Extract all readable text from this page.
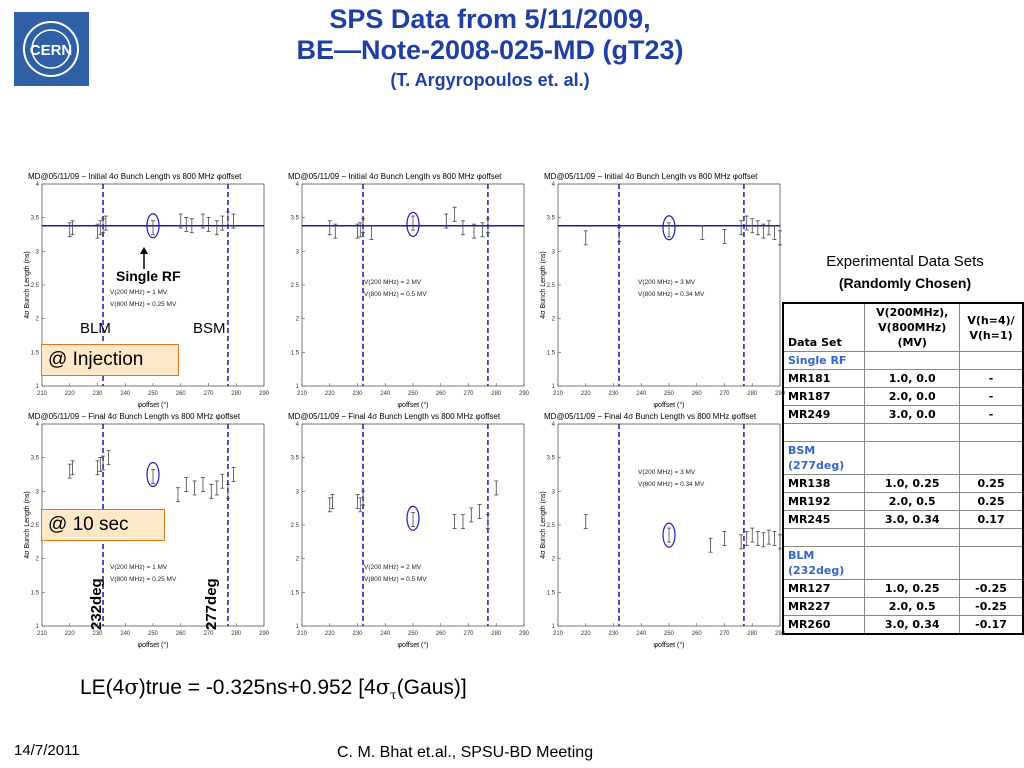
CERN
SPS Data from 5/11/2009,
BE—Note-2008-025-MD (gT23)
(T. Argyropoulos et. al.)
MD@05/11/09 − Initial 4σ Bunch Length vs 800 MHz φoffset
1
1.5
2
2.5
3
3.5
4
210	220	230	240	250	260	270	280	290
φoffset (°)
4σ Bunch Length (ns)	V(200 MHz) = 1 MV
V(800 MHz) = 0.25 MV
MD@05/11/09 − Initial 4σ Bunch Length vs 800 MHz φoffset
1
1.5
2
2.5
3
3.5
4
210	220	230	240	250	260	270	280	290
φoffset (°)
V(200 MHz) = 2 MV
V(800 MHz) = 0.5 MV
MD@05/11/09 − Initial 4σ Bunch Length vs 800 MHz φoffset
1
1.5
2
2.5
3
3.5
4
210	220	230	240	250	260	270	280	290
φoffset (°)
4σ Bunch Length (ns)	V(200 MHz) = 3 MV
V(800 MHz) = 0.34 MV
MD@05/11/09 − Final 4σ Bunch Length vs 800 MHz φoffset
1
1.5
2
2.5
3
3.5
4
210	220	230	240	250	260	270	280	290
φoffset (°)
4σ Bunch Length (ns)
V(200 MHz) = 1 MV
V(800 MHz) = 0.25 MV
MD@05/11/09 − Final 4σ Bunch Length vs 800 MHz φoffset
1
1.5
2
2.5
3
3.5
4
210	220	230	240	250	260	270	280	290
φoffset (°)
V(200 MHz) = 2 MV
V(800 MHz) = 0.5 MV
MD@05/11/09 − Final 4σ Bunch Length vs 800 MHz φoffset
1
1.5
2
2.5
3
3.5
4
210	220	230	240	250	260	270	280	290
φoffset (°)
4σ Bunch Length (ns)
V(200 MHz) = 3 MV
V(800 MHz) = 0.34 MV
Single RF
BLM	BSM
@ Injection
@ 10 sec
232deg	277deg
Experimental Data Sets
(Randomly Chosen)
Data Set	V(200MHz), V(800MHz) (MV)	V(h=4)/ V(h=1)
Single RF		
MR181	1.0, 0.0	-
MR187	2.0, 0.0	-
MR249	3.0, 0.0	-

BSM (277deg)		
MR138	1.0, 0.25	0.25
MR192	2.0, 0.5	0.25
MR245	3.0, 0.34	0.17

BLM (232deg)		
MR127	1.0, 0.25	-0.25
MR227	2.0, 0.5	-0.25
MR260	3.0, 0.34	-0.17
LE(4σ)true = -0.325ns+0.952 $[4\sigma_\tau(Gaus)]$
14/7/2011	C. M. Bhat et.al., SPSU-BD Meeting
